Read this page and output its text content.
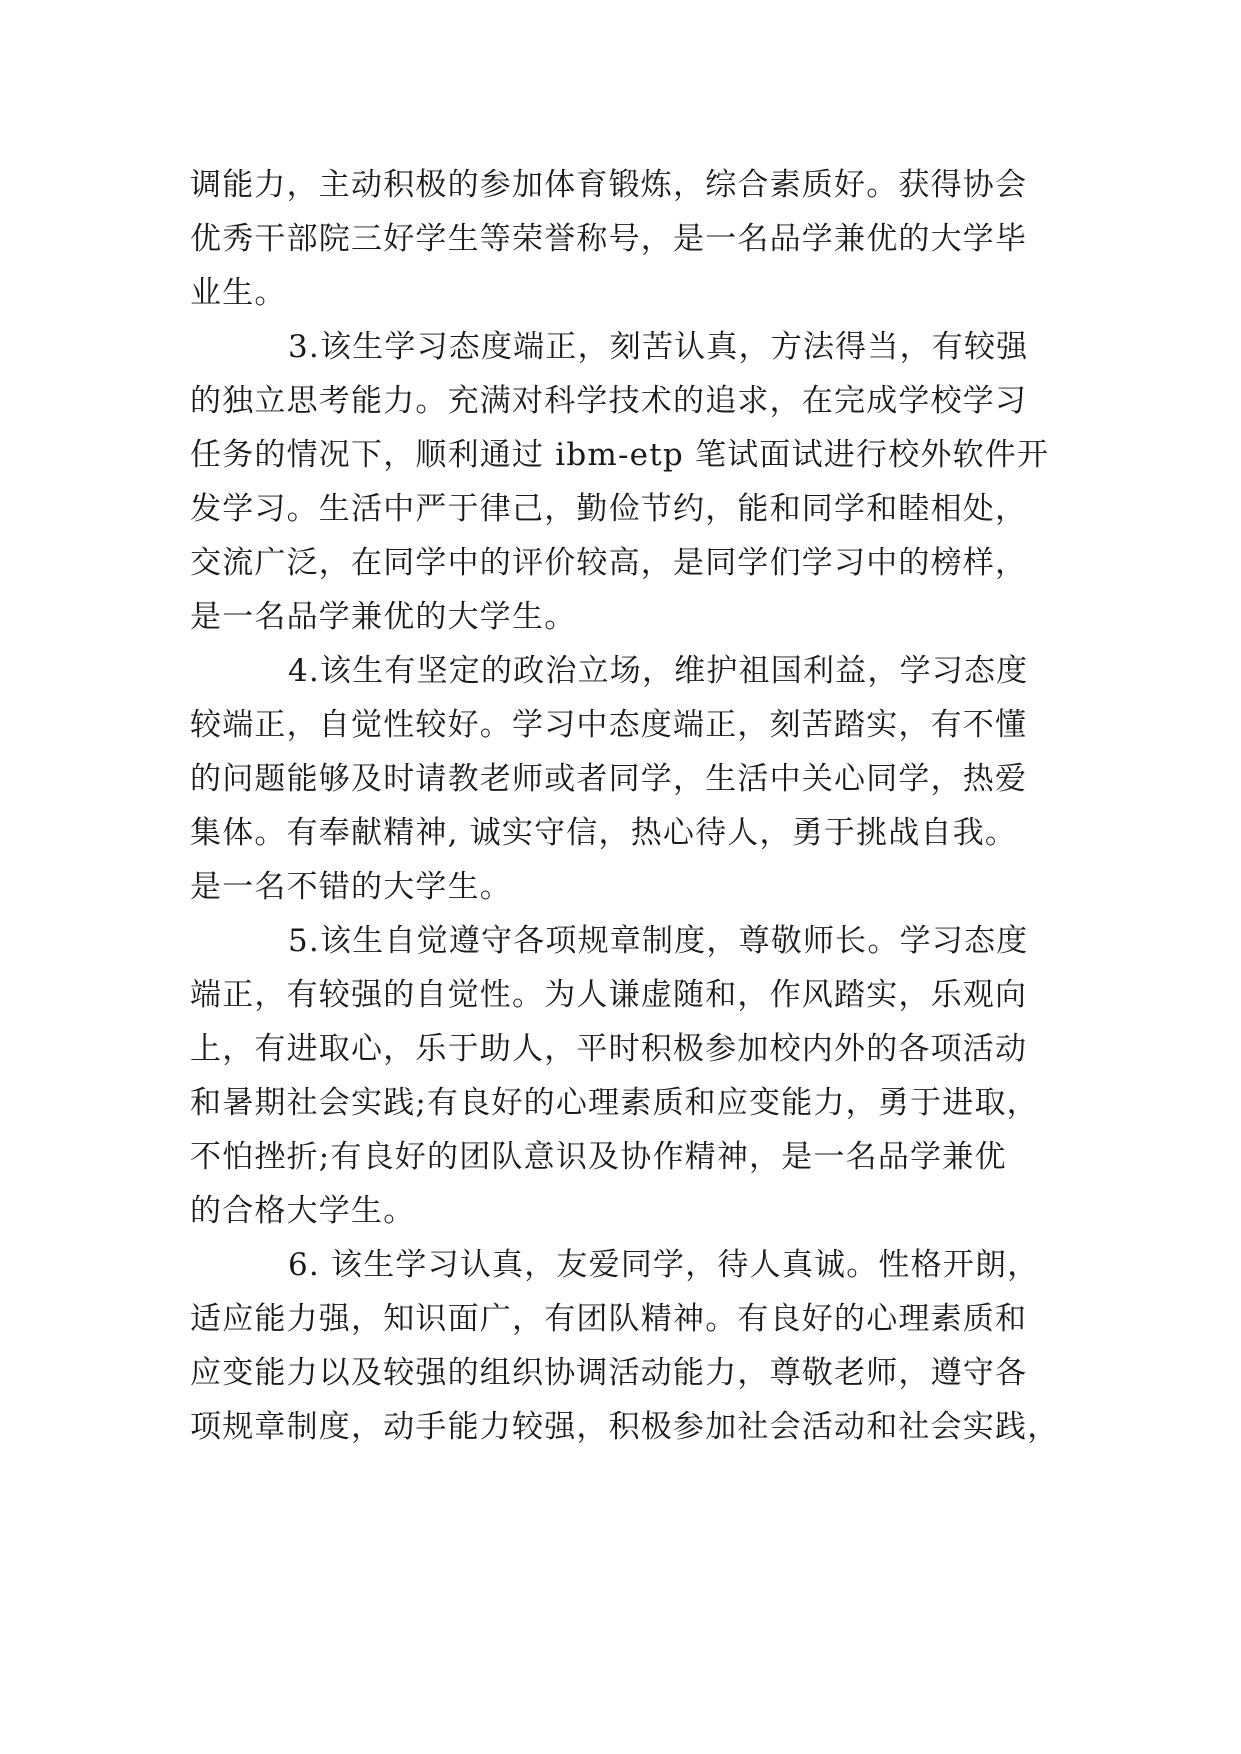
调能力，主动积极的参加体育锻炼，综合素质好。获得协会
优秀干部院三好学生等荣誉称号，是一名品学兼优的大学毕
业生。
3.该生学习态度端正，刻苦认真，方法得当，有较强
的独立思考能力。充满对科学技术的追求，在完成学校学习
任务的情况下，顺利通过 ibm-etp 笔试面试进行校外软件开
发学习。生活中严于律己，勤俭节约，能和同学和睦相处，
交流广泛，在同学中的评价较高，是同学们学习中的榜样，
是一名品学兼优的大学生。
4.该生有坚定的政治立场，维护祖国利益，学习态度
较端正，自觉性较好。学习中态度端正，刻苦踏实，有不懂
的问题能够及时请教老师或者同学，生活中关心同学，热爱
集体。有奉献精神, 诚实守信，热心待人，勇于挑战自我。
是一名不错的大学生。
5.该生自觉遵守各项规章制度，尊敬师长。学习态度
端正，有较强的自觉性。为人谦虚随和，作风踏实，乐观向
上，有进取心，乐于助人，平时积极参加校内外的各项活动
和暑期社会实践;有良好的心理素质和应变能力，勇于进取，
不怕挫折;有良好的团队意识及协作精神，是一名品学兼优
的合格大学生。
6. 该生学习认真，友爱同学，待人真诚。性格开朗，
适应能力强，知识面广，有团队精神。有良好的心理素质和
应变能力以及较强的组织协调活动能力，尊敬老师，遵守各
项规章制度，动手能力较强，积极参加社会活动和社会实践，
